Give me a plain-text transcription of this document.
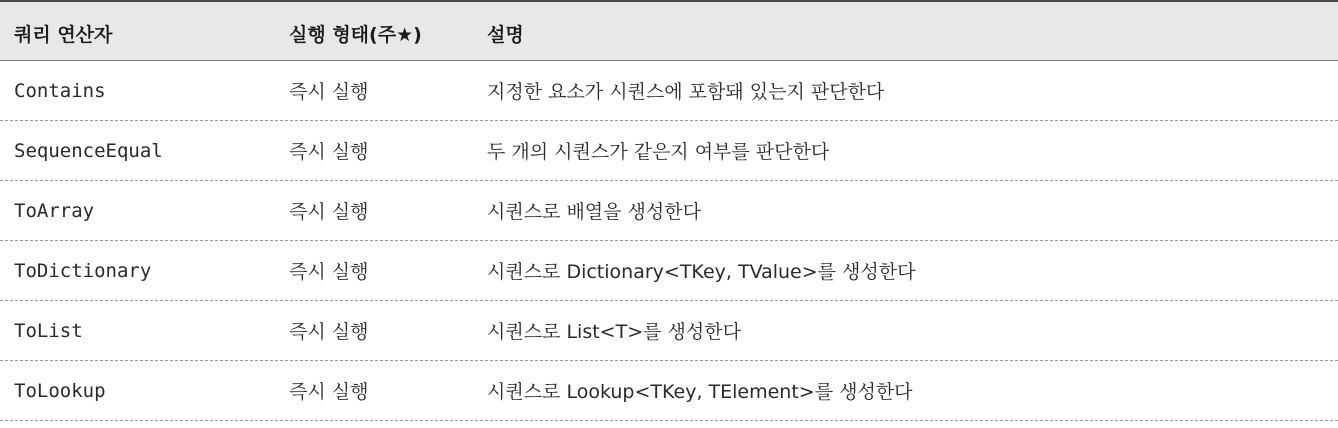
쿼리 연산자	실행 형태(주★)	설명
Contains	즉시 실행	지정한 요소가 시퀀스에 포함돼 있는지 판단한다
SequenceEqual	즉시 실행	두 개의 시퀀스가 같은지 여부를 판단한다
ToArray	즉시 실행	시퀀스로 배열을 생성한다
ToDictionary	즉시 실행	시퀀스로 Dictionary<TKey, TValue>를 생성한다
ToList	즉시 실행	시퀀스로 List<T>를 생성한다
ToLookup	즉시 실행	시퀀스로 Lookup<TKey, TElement>를 생성한다
